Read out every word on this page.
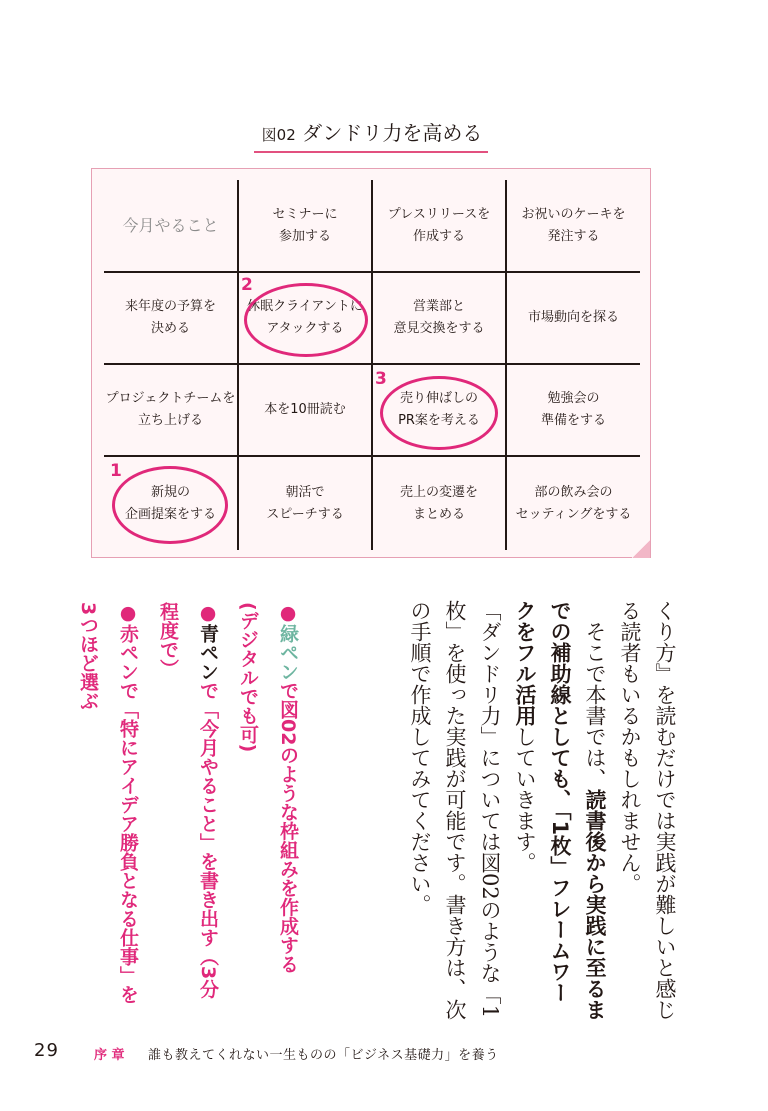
図02 ダンドリ力を高める
今月やること
セミナーに
参加する
プレスリリースを
作成する
お祝いのケーキを
発注する
来年度の予算を
決める
休眠クライアントに
アタックする
営業部と
意見交換をする
市場動向を探る
プロジェクトチームを
立ち上げる
本を10冊読む
売り伸ばしの
PR案を考える
勉強会の
準備をする
新規の
企画提案をする
朝活で
スピーチする
売上の変遷を
まとめる
部の飲み会の
セッティングをする
1
2
3

くり方』を読むだけでは実践が難しいと感じる読者もいるかもしれません。

　そこで本書では、読書後から実践に至るまでの補助線としても、「1枚」フレームワークをフル活用していきます。

「ダンドリ力」については図02のような「1枚」を使った実践が可能です。書き方は、次の手順で作成してみてください。

●緑ペンで図02のような枠組みを作成する

(デジタルでも可)

●青ペンで「今月やること」を書き出す（3分程度で）

●赤ペンで「特にアイデア勝負となる仕事」を3つほど選ぶ

29	序 章 誰も教えてくれない一生ものの「ビジネス基礎力」を養う
